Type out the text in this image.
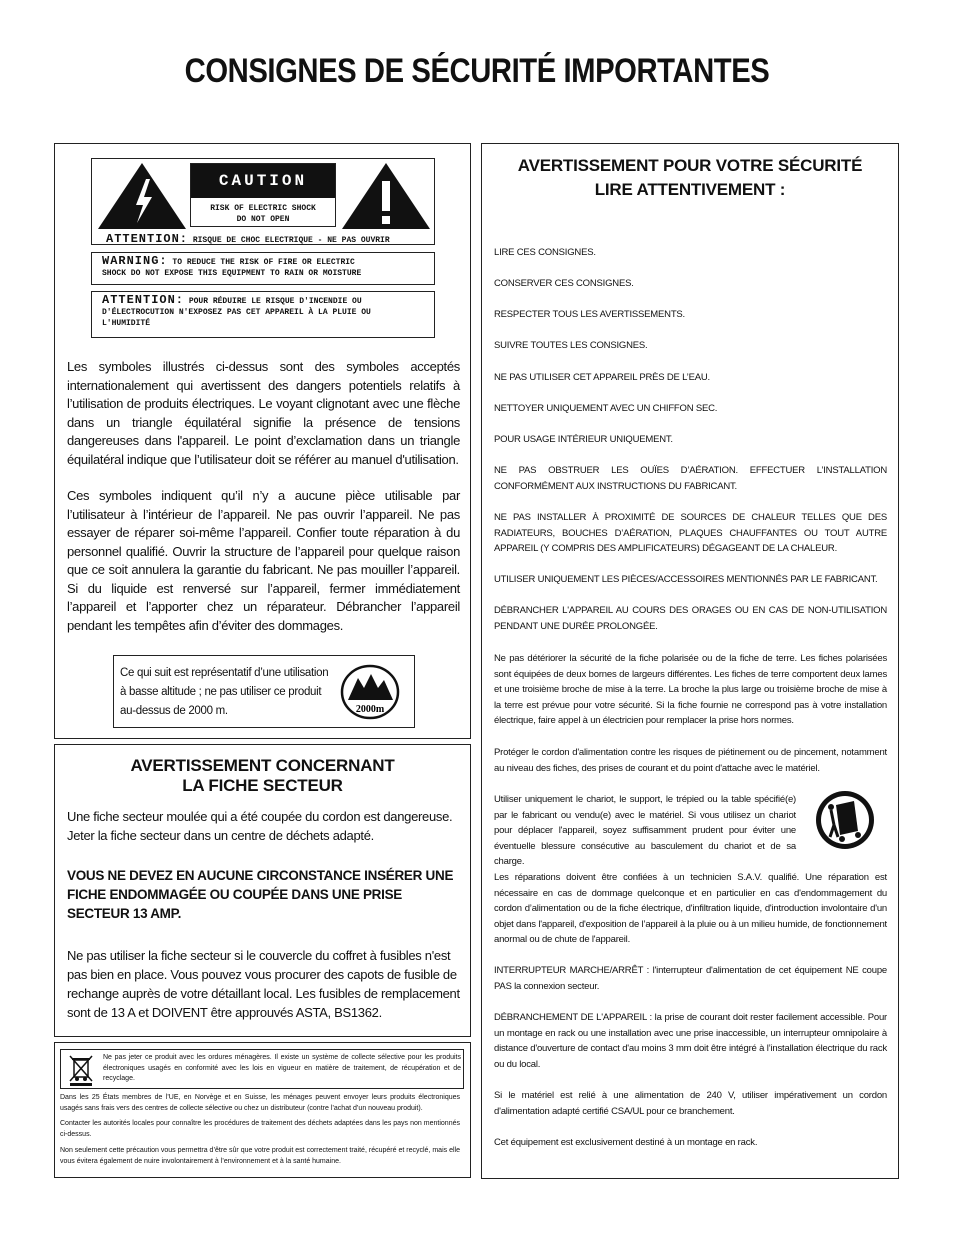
CONSIGNES DE SÉCURITÉ IMPORTANTES
CAUTION
RISK OF ELECTRIC SHOCK
DO NOT OPEN
ATTENTION: RISQUE DE CHOC ELECTRIQUE - NE PAS OUVRIR
WARNING: TO REDUCE THE RISK OF FIRE OR ELECTRIC
SHOCK DO NOT EXPOSE THIS EQUIPMENT TO RAIN OR MOISTURE
ATTENTION: POUR RÉDUIRE LE RISQUE D'INCENDIE OU
D'ÉLECTROCUTION N'EXPOSEZ PAS CET APPAREIL À LA PLUIE OU
L'HUMIDITÉ
Les symboles illustrés ci-dessus sont des symboles acceptés internationalement qui avertissent des dangers potentiels relatifs à l’utilisation de produits électriques. Le voyant clignotant avec une flèche dans un triangle équilatéral signifie la présence de tensions dangereuses dans l'appareil. Le point d’exclamation dans un triangle équilatéral indique que l’utilisateur doit se référer au manuel d'utilisation.
Ces symboles indiquent qu’il n’y a aucune pièce utilisable par l’utilisateur à l’intérieur de l’appareil. Ne pas ouvrir l’appareil. Ne pas essayer de réparer soi-même l’appareil. Confier toute réparation à du personnel qualifié. Ouvrir la structure de l’appareil pour quelque raison que ce soit annulera la garantie du fabricant. Ne pas mouiller l’appareil. Si du liquide est renversé sur l’appareil, fermer immédiatement l’appareil et l’apporter chez un réparateur. Débrancher l’appareil pendant les tempêtes afin d’éviter des dommages.
Ce qui suit est représentatif d’une utilisation à basse altitude ; ne pas utiliser ce produit au-dessus de 2000 m.	2000m
AVERTISSEMENT CONCERNANT
LA FICHE SECTEUR
Une fiche secteur moulée qui a été coupée du cordon est dangereuse. Jeter la fiche secteur dans un centre de déchets adapté.
VOUS NE DEVEZ EN AUCUNE CIRCONSTANCE INSÉRER UNE FICHE ENDOMMAGÉE OU COUPÉE DANS UNE PRISE SECTEUR 13 AMP.
Ne pas utiliser la fiche secteur si le couvercle du coffret à fusibles n'est pas bien en place. Vous pouvez vous procurer des capots de fusible de rechange auprès de votre détaillant local. Les fusibles de remplacement sont de 13 A et DOIVENT être approuvés ASTA, BS1362.
Ne pas jeter ce produit avec les ordures ménagères. Il existe un système de collecte sélective pour les produits électroniques usagés en conformité avec les lois en vigueur en matière de traitement, de récupération et de recyclage.
Dans les 25 États membres de l’UE, en Norvège et en Suisse, les ménages peuvent envoyer leurs produits électroniques usagés sans frais vers des centres de collecte sélective ou chez un distributeur (contre l’achat d’un nouveau produit).
Contacter les autorités locales pour connaître les procédures de traitement des déchets adaptées dans les pays non mentionnés ci-dessus.
Non seulement cette précaution vous permettra d’être sûr que votre produit est correctement traité, récupéré et recyclé, mais elle vous évitera également de nuire involontairement à l’environnement et à la santé humaine.
AVERTISSEMENT POUR VOTRE SÉCURITÉ
LIRE ATTENTIVEMENT :
LIRE CES CONSIGNES.
CONSERVER CES CONSIGNES.
RESPECTER TOUS LES AVERTISSEMENTS.
SUIVRE TOUTES LES CONSIGNES.
NE PAS UTILISER CET APPAREIL PRÈS DE L’EAU.
NETTOYER UNIQUEMENT AVEC UN CHIFFON SEC.
POUR USAGE INTÉRIEUR UNIQUEMENT.
NE PAS OBSTRUER LES OUÏES D’AÉRATION. EFFECTUER L’INSTALLATION CONFORMÉMENT AUX INSTRUCTIONS DU FABRICANT.
NE PAS INSTALLER À PROXIMITÉ DE SOURCES DE CHALEUR TELLES QUE DES RADIATEURS, BOUCHES D’AÉRATION, PLAQUES CHAUFFANTES OU TOUT AUTRE APPAREIL (Y COMPRIS DES AMPLIFICATEURS) DÉGAGEANT DE LA CHALEUR.
UTILISER UNIQUEMENT LES PIÈCES/ACCESSOIRES MENTIONNÉS PAR LE FABRICANT.
DÉBRANCHER L'APPAREIL AU COURS DES ORAGES OU EN CAS DE NON-UTILISATION PENDANT UNE DURÉE PROLONGÉE.
Ne pas détériorer la sécurité de la fiche polarisée ou de la fiche de terre. Les fiches polarisées sont équipées de deux bornes de largeurs différentes. Les fiches de terre comportent deux lames et une troisième broche de mise à la terre. La broche la plus large ou troisième broche de mise à la terre est prévue pour votre sécurité. Si la fiche fournie ne correspond pas à votre installation électrique, faire appel à un électricien pour remplacer la prise hors normes.
Protéger le cordon d'alimentation contre les risques de piétinement ou de pincement, notamment au niveau des fiches, des prises de courant et du point d'attache avec le matériel.
Utiliser uniquement le chariot, le support, le trépied ou la table spécifié(e) par le fabricant ou vendu(e) avec le matériel. Si vous utilisez un chariot pour déplacer l'appareil, soyez suffisamment prudent pour éviter une éventuelle blessure consécutive au basculement du chariot et de sa charge.
Les réparations doivent être confiées à un technicien S.A.V. qualifié. Une réparation est nécessaire en cas de dommage quelconque et en particulier en cas d'endommagement du cordon d’alimentation ou de la fiche électrique, d'infiltration liquide, d'introduction involontaire d'un objet dans l'appareil, d'exposition de l’appareil à la pluie ou à un milieu humide, de fonctionnement anormal ou de chute de l'appareil.
INTERRUPTEUR MARCHE/ARRÊT : l'interrupteur d'alimentation de cet équipement NE coupe PAS la connexion secteur.
DÉBRANCHEMENT DE L'APPAREIL : la prise de courant doit rester facilement accessible. Pour un montage en rack ou une installation avec une prise inaccessible, un interrupteur omnipolaire à distance d'ouverture de contact d'au moins 3 mm doit être intégré à l’installation électrique du rack ou du local.
Si le matériel est relié à une alimentation de 240 V, utiliser impérativement un cordon d'alimentation adapté certifié CSA/UL pour ce branchement.
Cet équipement est exclusivement destiné à un montage en rack.
